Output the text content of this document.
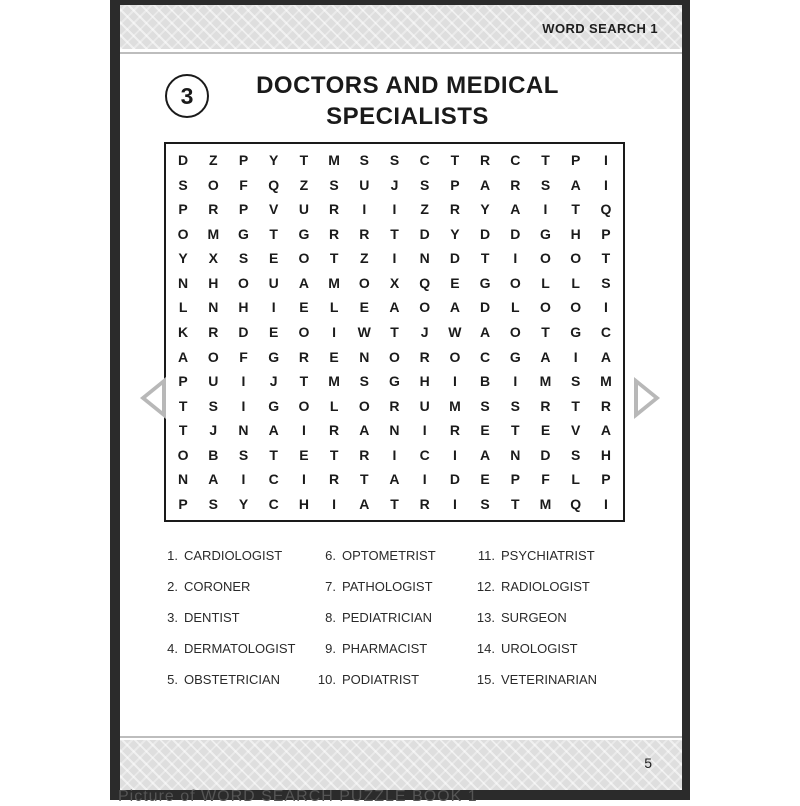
WORD SEARCH 1
3	DOCTORS AND MEDICAL
SPECIALISTS
D	Z	P	Y	T	M	S	S	C	T	R	C	T	P	I
S	O	F	Q	Z	S	U	J	S	P	A	R	S	A	I
P	R	P	V	U	R	I	I	Z	R	Y	A	I	T	Q
O	M	G	T	G	R	R	T	D	Y	D	D	G	H	P
Y	X	S	E	O	T	Z	I	N	D	T	I	O	O	T
N	H	O	U	A	M	O	X	Q	E	G	O	L	L	S
L	N	H	I	E	L	E	A	O	A	D	L	O	O	I
K	R	D	E	O	I	W	T	J	W	A	O	T	G	C
A	O	F	G	R	E	N	O	R	O	C	G	A	I	A
P	U	I	J	T	M	S	G	H	I	B	I	M	S	M
T	S	I	G	O	L	O	R	U	M	S	S	R	T	R
T	J	N	A	I	R	A	N	I	R	E	T	E	V	A
O	B	S	T	E	T	R	I	C	I	A	N	D	S	H
N	A	I	C	I	R	T	A	I	D	E	P	F	L	P
P	S	Y	C	H	I	A	T	R	I	S	T	M	Q	I
1. CARDIOLOGIST
2. CORONER
3. DENTIST
4. DERMATOLOGIST
5. OBSTETRICIAN
6. OPTOMETRIST
7. PATHOLOGIST
8. PEDIATRICIAN
9. PHARMACIST
10. PODIATRIST
11. PSYCHIATRIST
12. RADIOLOGIST
13. SURGEON
14. UROLOGIST
15. VETERINARIAN
5
Picture of WORD SEARCH PUZZLE BOOK 1
